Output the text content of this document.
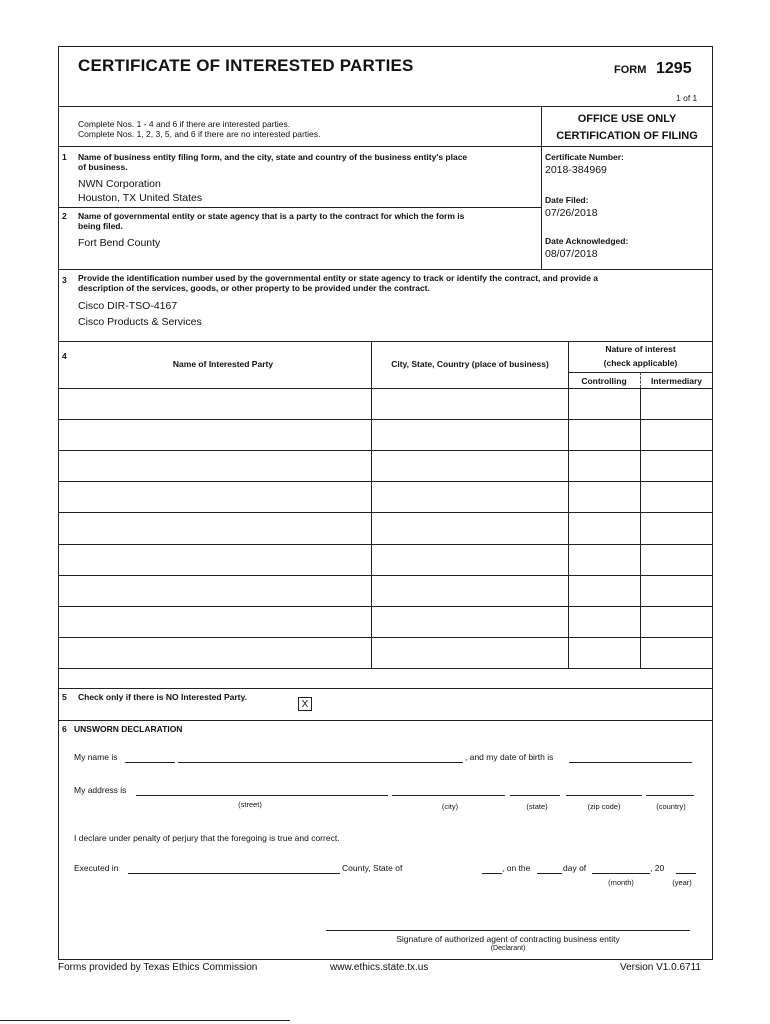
CERTIFICATE OF INTERESTED PARTIES	FORM 1295
1 of 1
Complete Nos. 1 - 4 and 6 if there are interested parties.
Complete Nos. 1, 2, 3, 5, and 6 if there are no interested parties.
OFFICE USE ONLY
CERTIFICATION OF FILING
Certificate Number:
2018-384969
Date Filed:
07/26/2018
Date Acknowledged:
08/07/2018
1 Name of business entity filing form, and the city, state and country of the business entity's place
of business.
NWN Corporation
Houston, TX United States
2 Name of governmental entity or state agency that is a party to the contract for which the form is
being filed.
Fort Bend County
3 Provide the identification number used by the governmental entity or state agency to track or identify the contract, and provide a
description of the services, goods, or other property to be provided under the contract.
Cisco DIR-TSO-4167
Cisco Products & Services
4
Name of Interested Party	City, State, Country (place of business)
Nature of interest
(check applicable)
Controlling	Intermediary
5 Check only if there is NO Interested Party.
X
6 UNSWORN DECLARATION
My name is	, and my date of birth is
My address is
(street)	(city)	(state)	(zip code)	(country)
I declare under penalty of perjury that the foregoing is true and correct.
Executed in	County, State of	, on the	day of	, 20
(month)	(year)
Signature of authorized agent of contracting business entity
(Declarant)
Forms provided by Texas Ethics Commission	www.ethics.state.tx.us	Version V1.0.6711
